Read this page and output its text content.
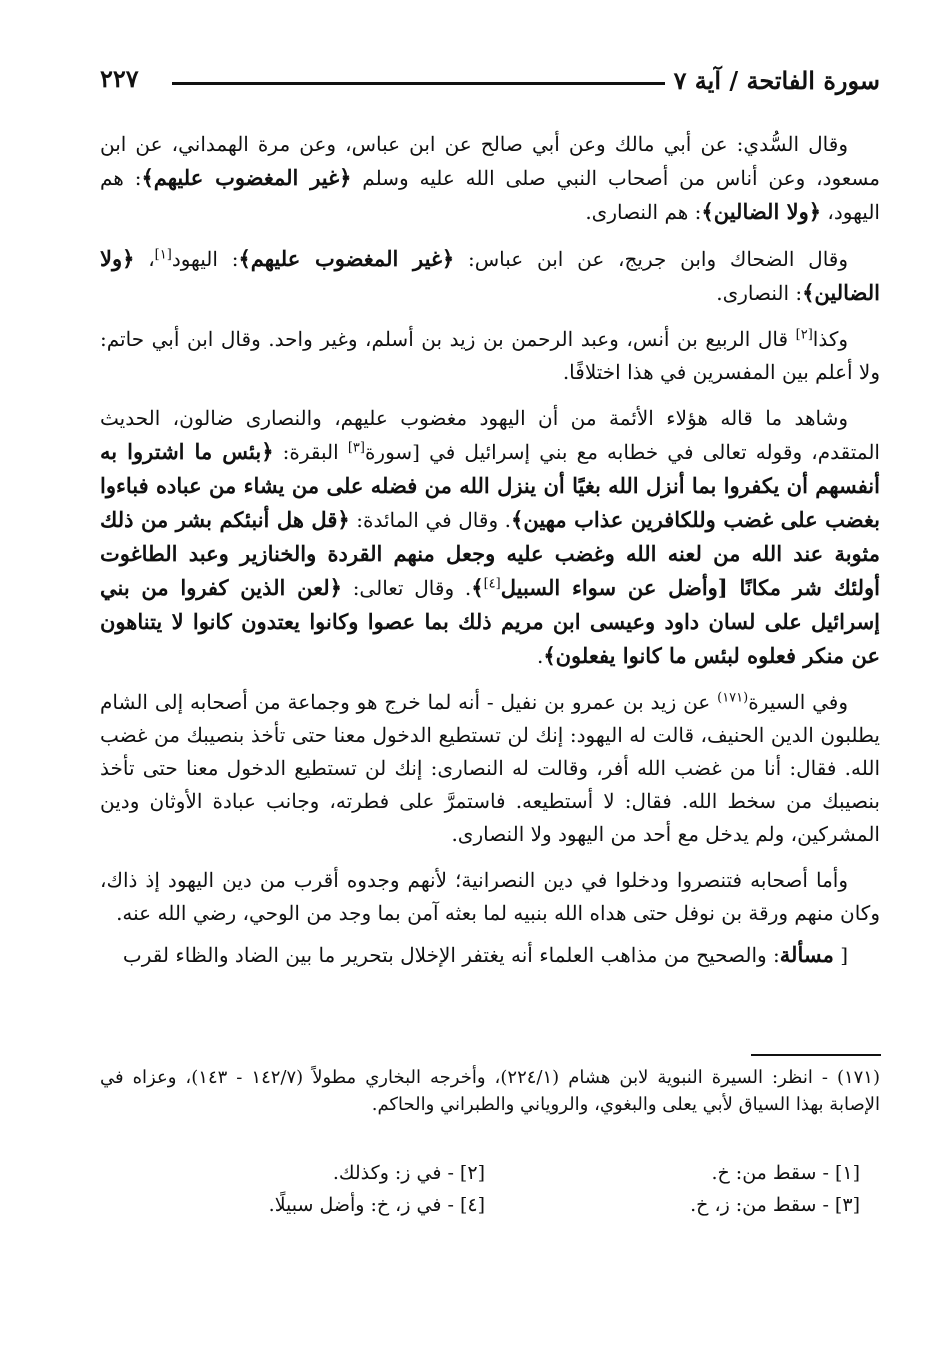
سورة الفاتحة / آية ٧
٢٢٧

وقال السُّدي: عن أبي مالك وعن أبي صالح عن ابن عباس، وعن مرة الهمداني، عن ابن مسعود، وعن أناس من أصحاب النبي صلى الله عليه وسلم ﴿غير المغضوب عليهم﴾: هم اليهود، ﴿ولا الضالين﴾: هم النصارى.

وقال الضحاك وابن جريج، عن ابن عباس: ﴿غير المغضوب عليهم﴾: اليهود[١]، ﴿ولا الضالين﴾: النصارى.

وكذا[٢] قال الربيع بن أنس، وعبد الرحمن بن زيد بن أسلم، وغير واحد. وقال ابن أبي حاتم: ولا أعلم بين المفسرين في هذا اختلافًا.

وشاهد ما قاله هؤلاء الأئمة من أن اليهود مغضوب عليهم، والنصارى ضالون، الحديث المتقدم، وقوله تعالى في خطابه مع بني إسرائيل في [سورة[٣] البقرة: ﴿بئس ما اشتروا به أنفسهم أن يكفروا بما أنزل الله بغيًا أن ينزل الله من فضله على من يشاء من عباده فباءوا بغضب على غضب وللكافرين عذاب مهين﴾. وقال في المائدة: ﴿قل هل أنبئكم بشر من ذلك مثوبة عند الله من لعنه الله وغضب عليه وجعل منهم القردة والخنازير وعبد الطاغوت أولئك شر مكانًا [وأضل عن سواء السبيل[٤]﴾. وقال تعالى: ﴿لعن الذين كفروا من بني إسرائيل على لسان داود وعيسى ابن مريم ذلك بما عصوا وكانوا يعتدون كانوا لا يتناهون عن منكر فعلوه لبئس ما كانوا يفعلون﴾.

وفي السيرة$^{(١٧١)}$ عن زيد بن عمرو بن نفيل - أنه لما خرج هو وجماعة من أصحابه إلى الشام يطلبون الدين الحنيف، قالت له اليهود: إنك لن تستطيع الدخول معنا حتى تأخذ بنصيبك من غضب الله. فقال: أنا من غضب الله أفر، وقالت له النصارى: إنك لن تستطيع الدخول معنا حتى تأخذ بنصيبك من سخط الله. فقال: لا أستطيعه. فاستمرَّ على فطرته، وجانب عبادة الأوثان ودين المشركين، ولم يدخل مع أحد من اليهود ولا النصارى.

وأما أصحابه فتنصروا ودخلوا في دين النصرانية؛ لأنهم وجدوه أقرب من دين اليهود إذ ذاك، وكان منهم ورقة بن نوفل حتى هداه الله بنبيه لما بعثه آمن بما وجد من الوحي، رضي الله عنه.

[ مسألة: والصحيح من مذاهب العلماء أنه يغتفر الإخلال بتحرير ما بين الضاد والظاء لقرب

(١٧١) - انظر: السيرة النبوية لابن هشام (٢٢٤/١)، وأخرجه البخاري مطولاً (١٤٢/٧ - ١٤٣)، وعزاه في الإصابة بهذا السياق لأبي يعلى والبغوي، والروياني والطبراني والحاكم.
[١] - سقط من: خ.
[٢] - في ز: وكذلك.
[٣] - سقط من: ز، خ.
[٤] - في ز، خ: وأضل سبيلًا.
